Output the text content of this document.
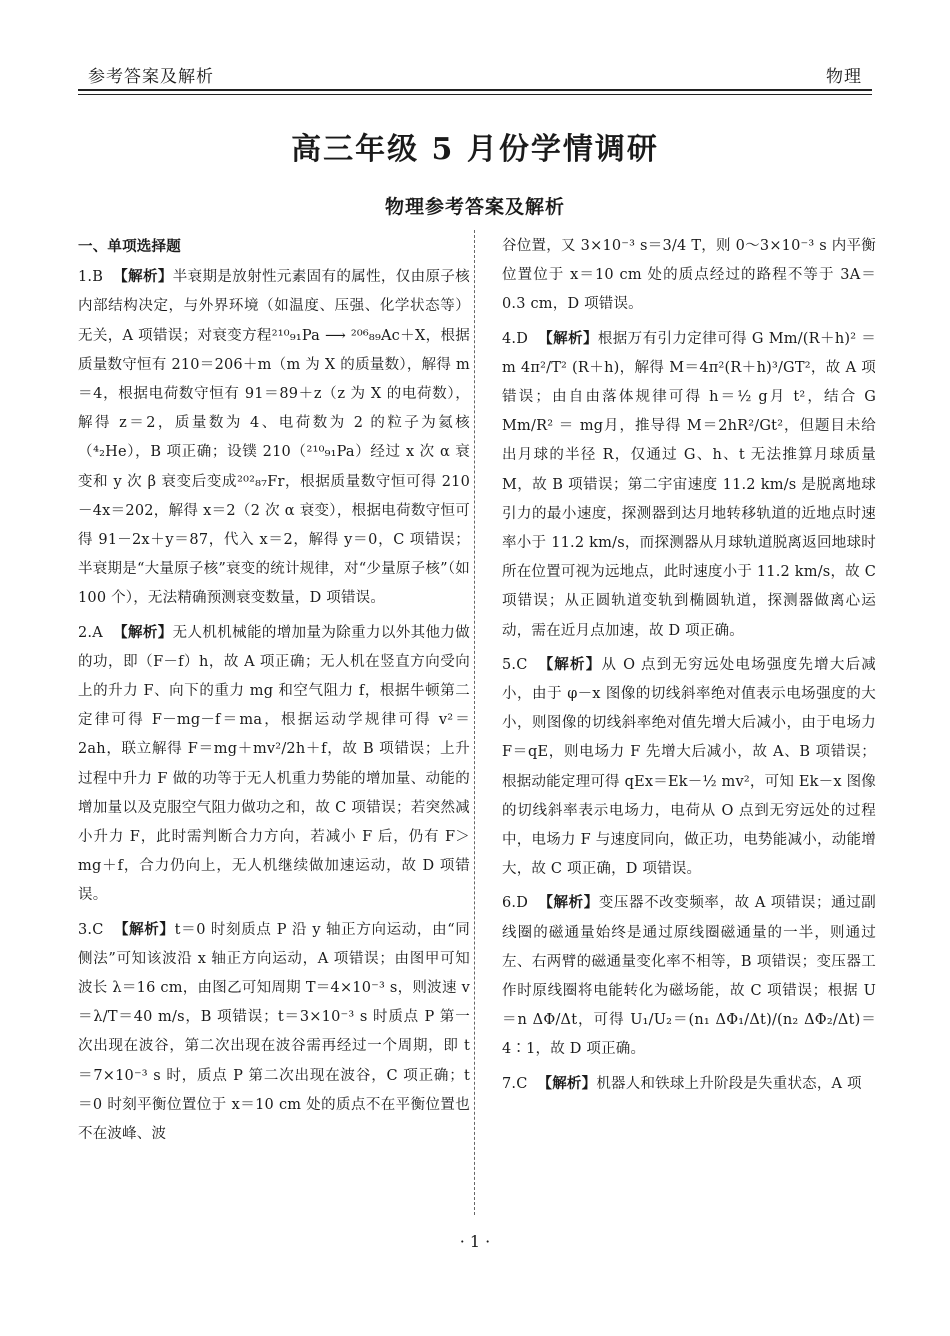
参考答案及解析	物理
高三年级 5 月份学情调研
物理参考答案及解析
一、单项选择题
1.B 【解析】半衰期是放射性元素固有的属性，仅由原子核内部结构决定，与外界环境（如温度、压强、化学状态等）无关，A 项错误；对衰变方程²¹⁰₉₁Pa ⟶ ²⁰⁶₈₉Ac＋X，根据质量数守恒有 210＝206＋m（m 为 X 的质量数），解得 m＝4，根据电荷数守恒有 91＝89＋z（z 为 X 的电荷数），解得 z＝2，质量数为 4、电荷数为 2 的粒子为氦核（⁴₂He），B 项正确；设镤 210（²¹⁰₉₁Pa）经过 x 次 α 衰变和 y 次 β 衰变后变成²⁰²₈₇Fr，根据质量数守恒可得 210－4x＝202，解得 x＝2（2 次 α 衰变），根据电荷数守恒可得 91－2x＋y＝87，代入 x＝2，解得 y＝0，C 项错误；半衰期是“大量原子核”衰变的统计规律，对“少量原子核”（如 100 个），无法精确预测衰变数量，D 项错误。
2.A 【解析】无人机机械能的增加量为除重力以外其他力做的功，即（F－f）h，故 A 项正确；无人机在竖直方向受向上的升力 F、向下的重力 mg 和空气阻力 f，根据牛顿第二定律可得 F－mg－f＝ma，根据运动学规律可得 v²＝2ah，联立解得 F＝mg＋mv²/2h＋f，故 B 项错误；上升过程中升力 F 做的功等于无人机重力势能的增加量、动能的增加量以及克服空气阻力做功之和，故 C 项错误；若突然减小升力 F，此时需判断合力方向，若减小 F 后，仍有 F＞mg＋f，合力仍向上，无人机继续做加速运动，故 D 项错误。
3.C 【解析】t＝0 时刻质点 P 沿 y 轴正方向运动，由“同侧法”可知该波沿 x 轴正方向运动，A 项错误；由图甲可知波长 λ＝16 cm，由图乙可知周期 T＝4×10⁻³ s，则波速 v＝λ/T＝40 m/s，B 项错误；t＝3×10⁻³ s 时质点 P 第一次出现在波谷，第二次出现在波谷需再经过一个周期，即 t＝7×10⁻³ s 时，质点 P 第二次出现在波谷，C 项正确；t＝0 时刻平衡位置位于 x＝10 cm 处的质点不在平衡位置也不在波峰、波
谷位置，又 3×10⁻³ s＝3/4 T，则 0～3×10⁻³ s 内平衡位置位于 x＝10 cm 处的质点经过的路程不等于 3A＝0.3 cm，D 项错误。
4.D 【解析】根据万有引力定律可得 G Mm/(R＋h)² ＝ m 4π²/T² (R＋h)，解得 M＝4π²(R＋h)³/GT²，故 A 项错误；由自由落体规律可得 h＝½ g月 t²，结合 G Mm/R² ＝ mg月，推导得 M＝2hR²/Gt²，但题目未给出月球的半径 R，仅通过 G、h、t 无法推算月球质量 M，故 B 项错误；第二宇宙速度 11.2 km/s 是脱离地球引力的最小速度，探测器到达月地转移轨道的近地点时速率小于 11.2 km/s，而探测器从月球轨道脱离返回地球时所在位置可视为远地点，此时速度小于 11.2 km/s，故 C 项错误；从正圆轨道变轨到椭圆轨道，探测器做离心运动，需在近月点加速，故 D 项正确。
5.C 【解析】从 O 点到无穷远处电场强度先增大后减小，由于 φ－x 图像的切线斜率绝对值表示电场强度的大小，则图像的切线斜率绝对值先增大后减小，由于电场力 F＝qE，则电场力 F 先增大后减小，故 A、B 项错误；根据动能定理可得 qEx＝Ek－½ mv²，可知 Ek－x 图像的切线斜率表示电场力，电荷从 O 点到无穷远处的过程中，电场力 F 与速度同向，做正功，电势能减小，动能增大，故 C 项正确，D 项错误。
6.D 【解析】变压器不改变频率，故 A 项错误；通过副线圈的磁通量始终是通过原线圈磁通量的一半，则通过左、右两臂的磁通量变化率不相等，B 项错误；变压器工作时原线圈将电能转化为磁场能，故 C 项错误；根据 U＝n ΔΦ/Δt，可得 U₁/U₂＝(n₁ ΔΦ₁/Δt)/(n₂ ΔΦ₂/Δt)＝4∶1，故 D 项正确。
7.C 【解析】机器人和铁球上升阶段是失重状态，A 项
· 1 ·
